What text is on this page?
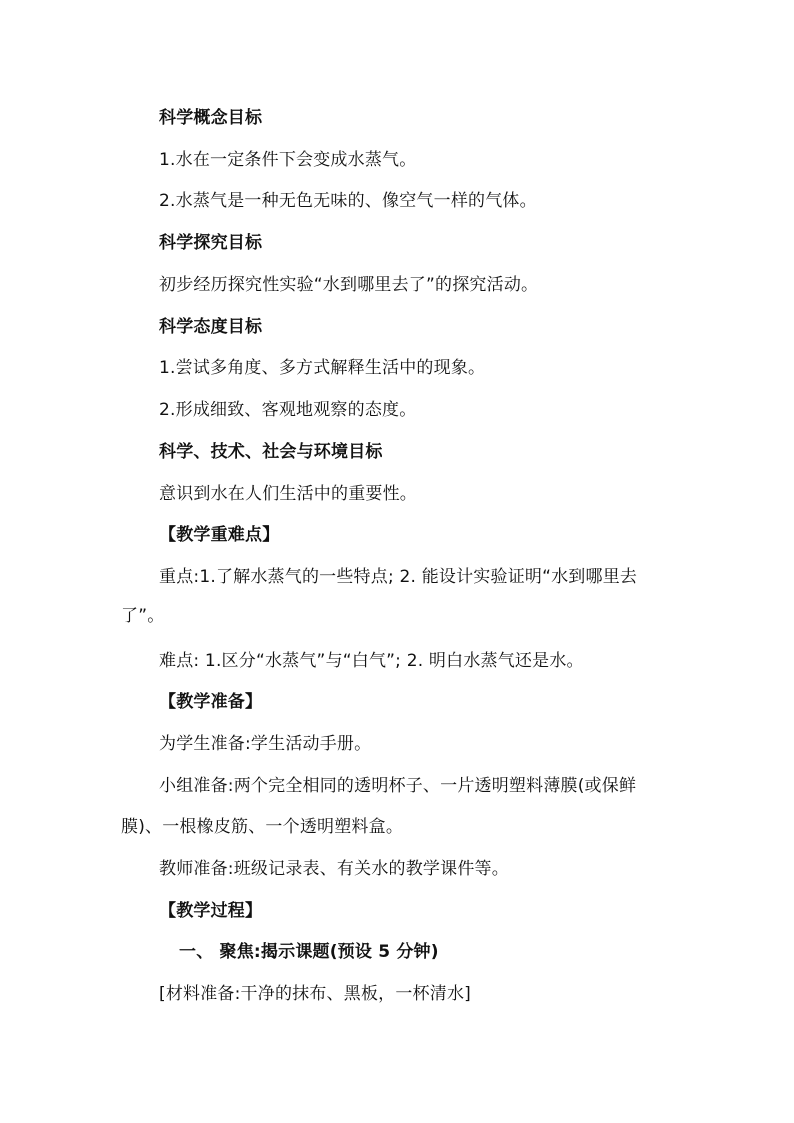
科学概念目标
1.水在一定条件下会变成水蒸气。
2.水蒸气是一种无色无味的、像空气一样的气体。
科学探究目标
初步经历探究性实验“水到哪里去了”的探究活动。
科学态度目标
1.尝试多角度、多方式解释生活中的现象。
2.形成细致、客观地观察的态度。
科学、技术、社会与环境目标
意识到水在人们生活中的重要性。
【教学重难点】
重点:1.了解水蒸气的一些特点; 2. 能设计实验证明“水到哪里去
了”。
难点: 1.区分“水蒸气”与“白气”; 2. 明白水蒸气还是水。
【教学准备】
为学生准备:学生活动手册。
小组准备:两个完全相同的透明杯子、一片透明塑料薄膜(或保鲜
膜)、一根橡皮筋、一个透明塑料盒。
教师准备:班级记录表、有关水的教学课件等。
【教学过程】
一、 聚焦:揭示课题(预设 5 分钟)
[材料准备:干净的抹布、黑板，一杯清水]
